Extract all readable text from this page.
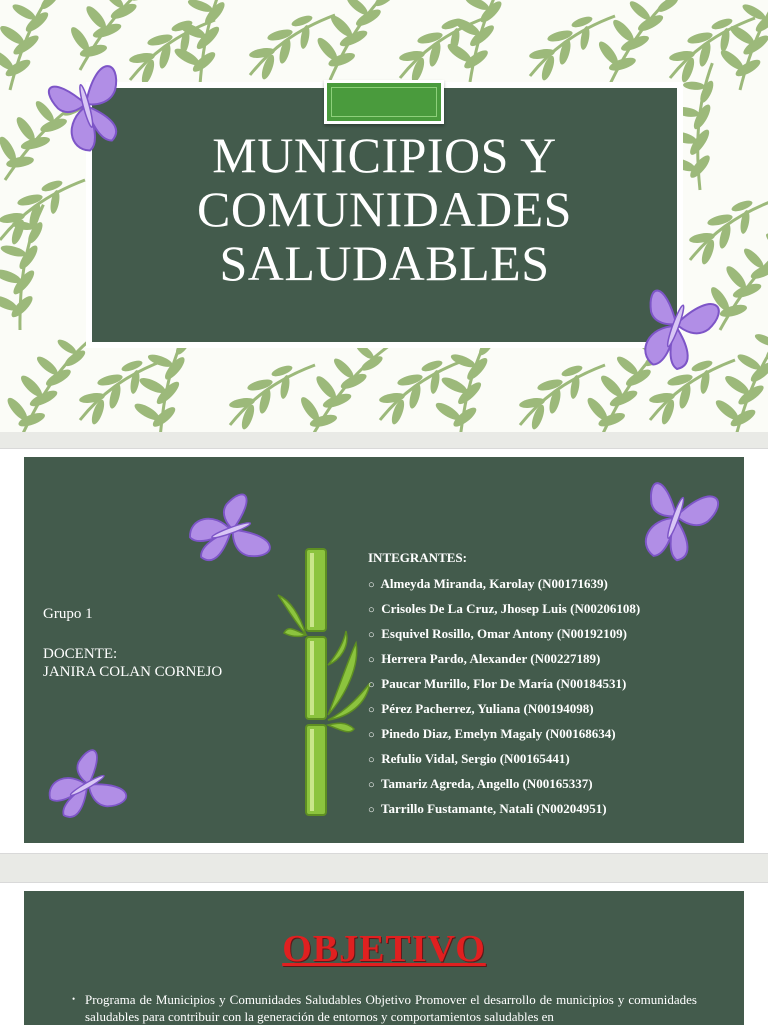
MUNICIPIOS Y
COMUNIDADES
SALUDABLES

Grupo 1

DOCENTE:
JANIRA COLAN CORNEJO
INTEGRANTES:
○ Almeyda Miranda, Karolay (N00171639)
○ Crisoles De La Cruz, Jhosep Luis (N00206108)
○ Esquivel Rosillo, Omar Antony (N00192109)
○ Herrera Pardo, Alexander (N00227189)
○ Paucar Murillo, Flor De María (N00184531)
○ Pérez Pacherrez, Yuliana (N00194098)
○ Pinedo Diaz, Emelyn Magaly (N00168634)
○ Refulio Vidal, Sergio (N00165441)
○ Tamariz Agreda, Angello (N00165337)
○ Tarrillo Fustamante, Natali (N00204951)
OBJETIVO

• Programa de Municipios y Comunidades Saludables Objetivo Promover el desarrollo de municipios y comunidades saludables para contribuir con la generación de entornos y comportamientos saludables en
